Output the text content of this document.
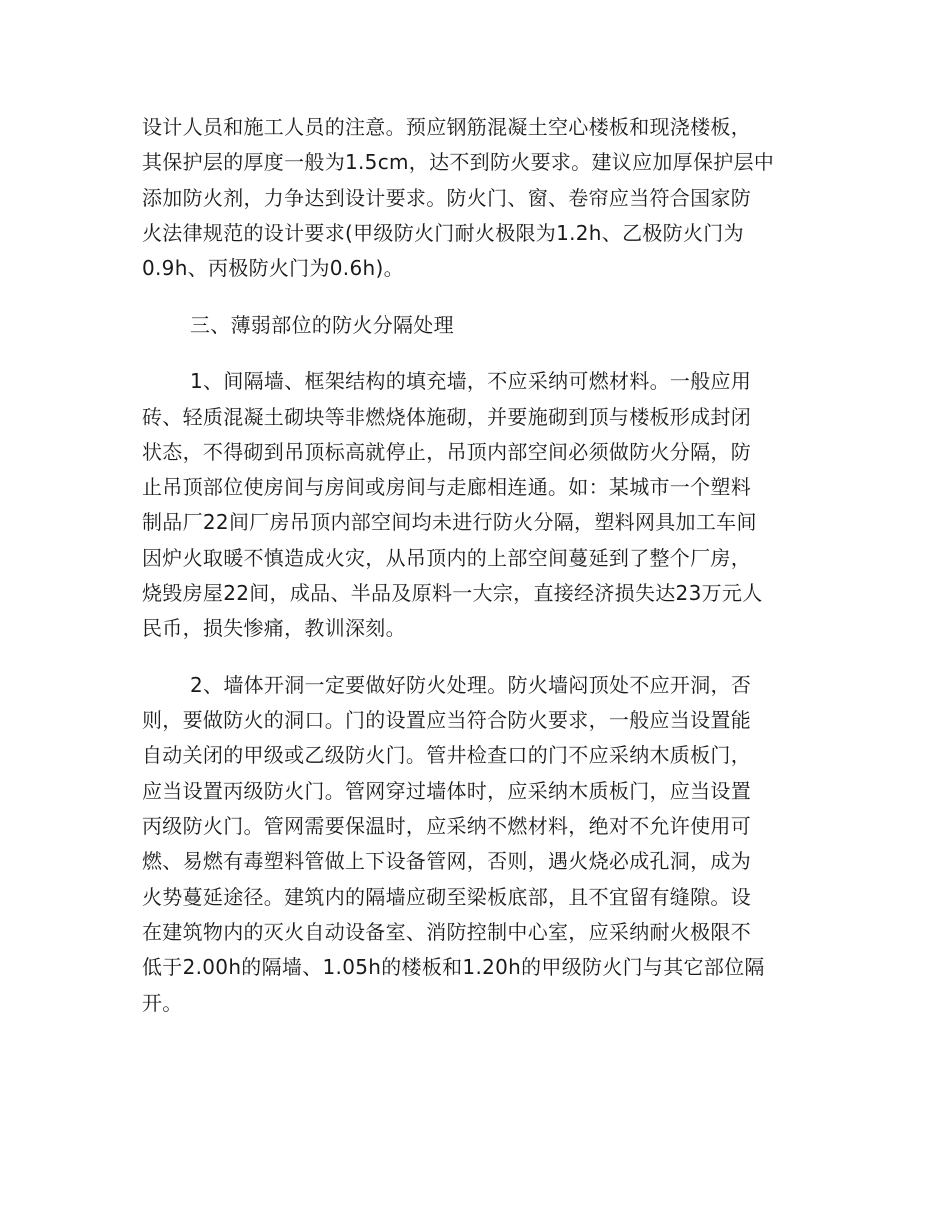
设计人员和施工人员的注意。预应钢筋混凝土空心楼板和现浇楼板，

其保护层的厚度一般为1.5cm，达不到防火要求。建议应加厚保护层中

添加防火剂，力争达到设计要求。防火门、窗、卷帘应当符合国家防

火法律规范的设计要求(甲级防火门耐火极限为1.2h、乙极防火门为

0.9h、丙极防火门为0.6h)。

三、薄弱部位的防火分隔处理

1、间隔墙、框架结构的填充墙，不应采纳可燃材料。一般应用

砖、轻质混凝土砌块等非燃烧体施砌，并要施砌到顶与楼板形成封闭

状态，不得砌到吊顶标高就停止，吊顶内部空间必须做防火分隔，防

止吊顶部位使房间与房间或房间与走廊相连通。如：某城市一个塑料

制品厂22间厂房吊顶内部空间均未进行防火分隔，塑料网具加工车间

因炉火取暖不慎造成火灾，从吊顶内的上部空间蔓延到了整个厂房，

烧毁房屋22间，成品、半品及原料一大宗，直接经济损失达23万元人

民币，损失惨痛，教训深刻。

2、墙体开洞一定要做好防火处理。防火墙闷顶处不应开洞，否

则，要做防火的洞口。门的设置应当符合防火要求，一般应当设置能

自动关闭的甲级或乙级防火门。管井检查口的门不应采纳木质板门，

应当设置丙级防火门。管网穿过墙体时，应采纳木质板门，应当设置

丙级防火门。管网需要保温时，应采纳不燃材料，绝对不允许使用可

燃、易燃有毒塑料管做上下设备管网，否则，遇火烧必成孔洞，成为

火势蔓延途径。建筑内的隔墙应砌至梁板底部，且不宜留有缝隙。设

在建筑物内的灭火自动设备室、消防控制中心室，应采纳耐火极限不

低于2.00h的隔墙、1.05h的楼板和1.20h的甲级防火门与其它部位隔

开。
